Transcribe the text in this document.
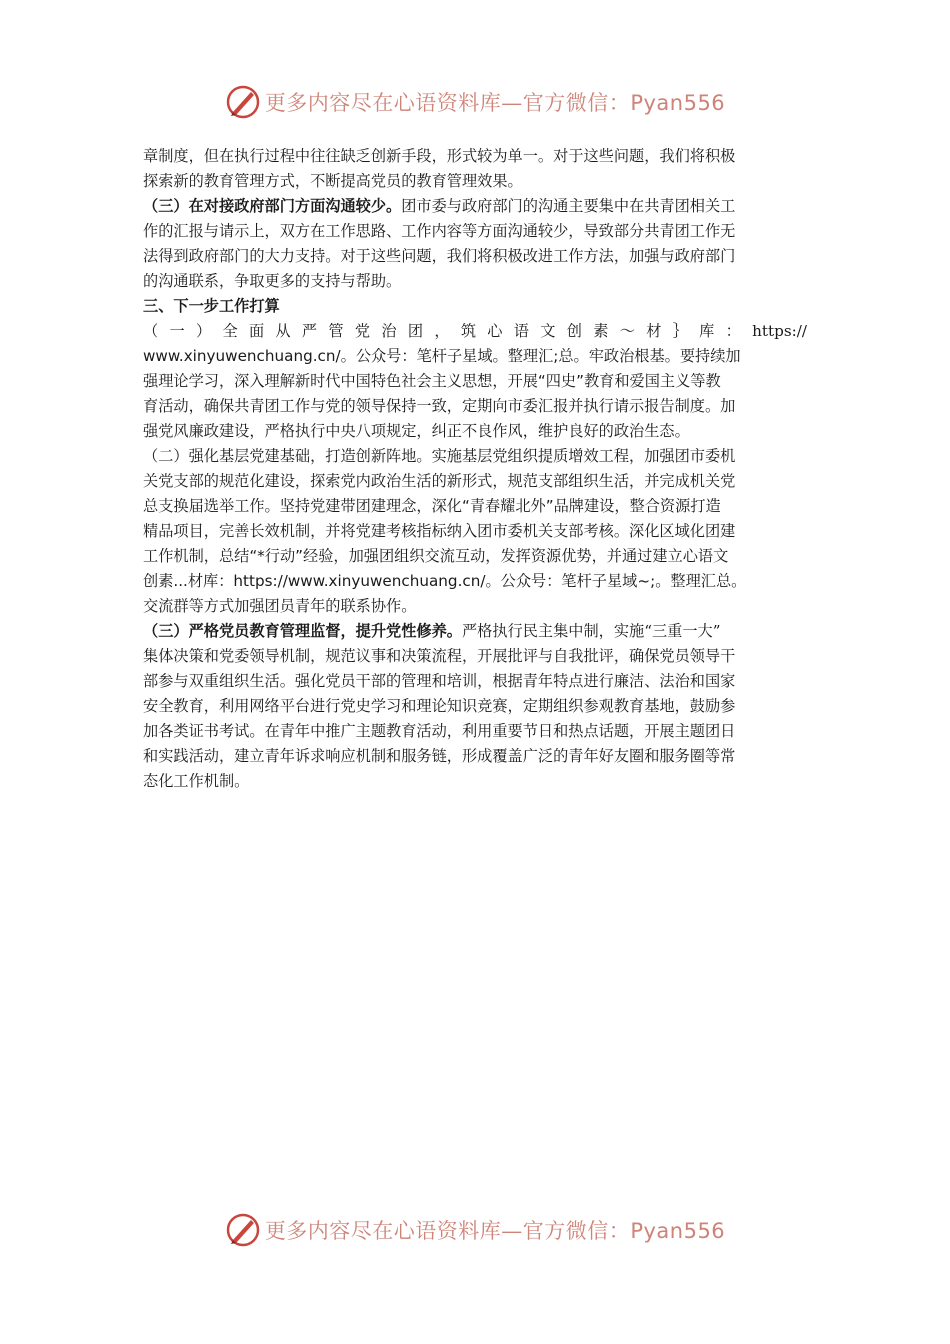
更多内容尽在心语资料库—官方微信：Pyan556

章制度，但在执行过程中往往缺乏创新手段，形式较为单一。对于这些问题，我们将积极

探索新的教育管理方式，不断提高党员的教育管理效果。

（三）在对接政府部门方面沟通较少。团市委与政府部门的沟通主要集中在共青团相关工

作的汇报与请示上，双方在工作思路、工作内容等方面沟通较少，导致部分共青团工作无

法得到政府部门的大力支持。对于这些问题，我们将积极改进工作方法，加强与政府部门

的沟通联系，争取更多的支持与帮助。

三、下一步工作打算

（ 一 ） 全 面 从 严 管 党 治 团 ， 筑 心 语 文 创 素 ～ 材 ｝ 库 ： https://

www.xinyuwenchuang.cn/。公众号：笔杆子星域。整理汇;总。牢政治根基。要持续加

强理论学习，深入理解新时代中国特色社会主义思想，开展“四史”教育和爱国主义等教

育活动，确保共青团工作与党的领导保持一致，定期向市委汇报并执行请示报告制度。加

强党风廉政建设，严格执行中央八项规定，纠正不良作风，维护良好的政治生态。

（二）强化基层党建基础，打造创新阵地。实施基层党组织提质增效工程，加强团市委机

关党支部的规范化建设，探索党内政治生活的新形式，规范支部组织生活，并完成机关党

总支换届选举工作。坚持党建带团建理念，深化“青春耀北外”品牌建设，整合资源打造

精品项目，完善长效机制，并将党建考核指标纳入团市委机关支部考核。深化区域化团建

工作机制，总结“*行动”经验，加强团组织交流互动，发挥资源优势，并通过建立心语文

创素...材库：https://www.xinyuwenchuang.cn/。公众号：笔杆子星域~;。整理汇总。

交流群等方式加强团员青年的联系协作。

（三）严格党员教育管理监督，提升党性修养。严格执行民主集中制，实施“三重一大”

集体决策和党委领导机制，规范议事和决策流程，开展批评与自我批评，确保党员领导干

部参与双重组织生活。强化党员干部的管理和培训，根据青年特点进行廉洁、法治和国家

安全教育，利用网络平台进行党史学习和理论知识竞赛，定期组织参观教育基地，鼓励参

加各类证书考试。在青年中推广主题教育活动，利用重要节日和热点话题，开展主题团日

和实践活动，建立青年诉求响应机制和服务链，形成覆盖广泛的青年好友圈和服务圈等常

态化工作机制。

更多内容尽在心语资料库—官方微信：Pyan556
